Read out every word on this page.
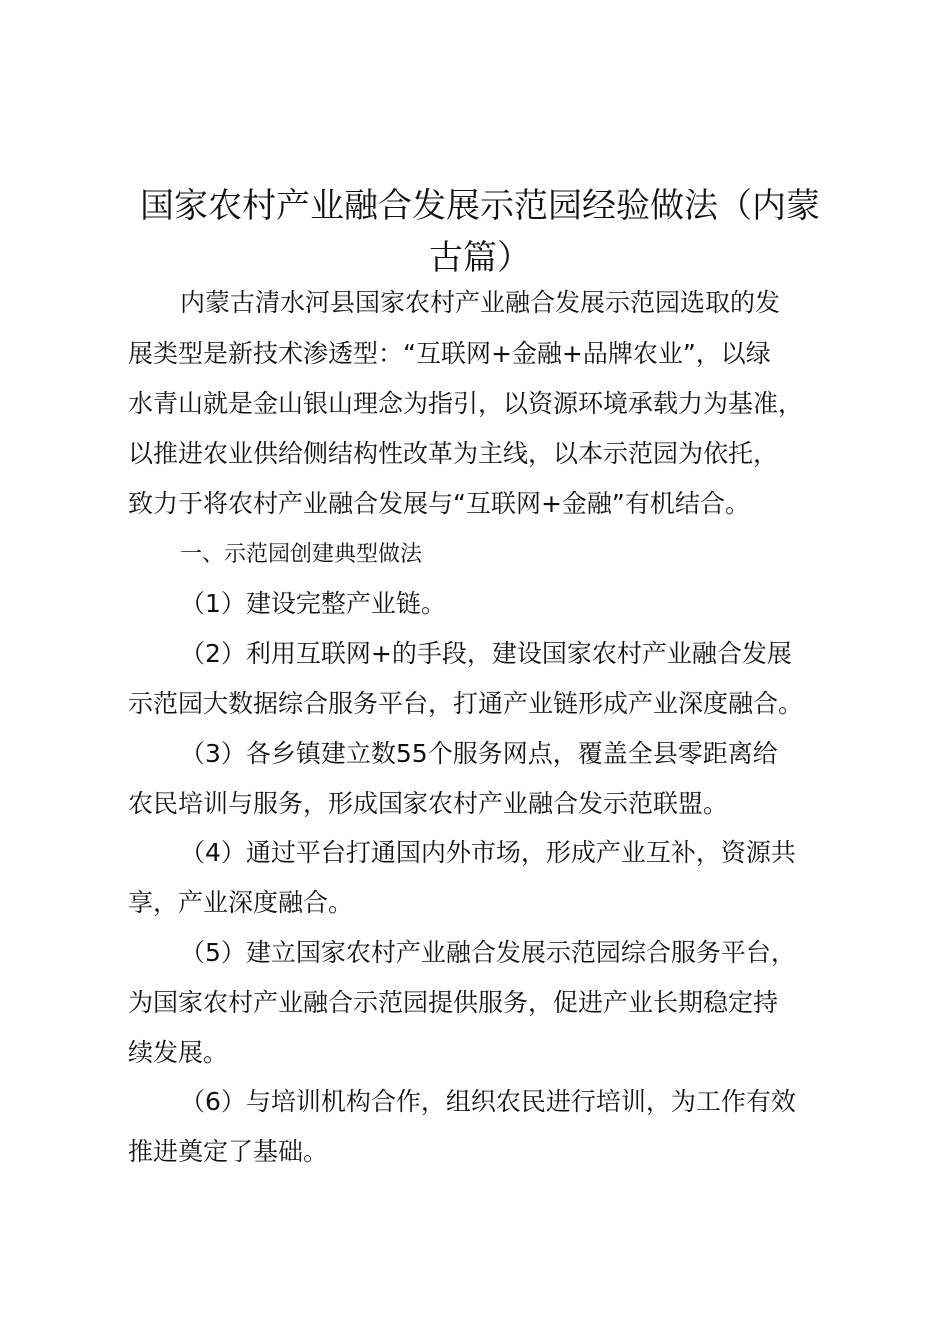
国家农村产业融合发展示范园经验做法（内蒙
古篇）

内蒙古清水河县国家农村产业融合发展示范园选取的发

展类型是新技术渗透型：“互联网+金融+品牌农业”，以绿

水青山就是金山银山理念为指引，以资源环境承载力为基准，

以推进农业供给侧结构性改革为主线，以本示范园为依托，

致力于将农村产业融合发展与“互联网+金融”有机结合。

一、示范园创建典型做法

（1）建设完整产业链。

（2）利用互联网+的手段，建设国家农村产业融合发展

示范园大数据综合服务平台，打通产业链形成产业深度融合。

（3）各乡镇建立数55个服务网点，覆盖全县零距离给

农民培训与服务，形成国家农村产业融合发示范联盟。

（4）通过平台打通国内外市场，形成产业互补，资源共

享，产业深度融合。

（5）建立国家农村产业融合发展示范园综合服务平台，

为国家农村产业融合示范园提供服务，促进产业长期稳定持

续发展。

（6）与培训机构合作，组织农民进行培训，为工作有效

推进奠定了基础。
